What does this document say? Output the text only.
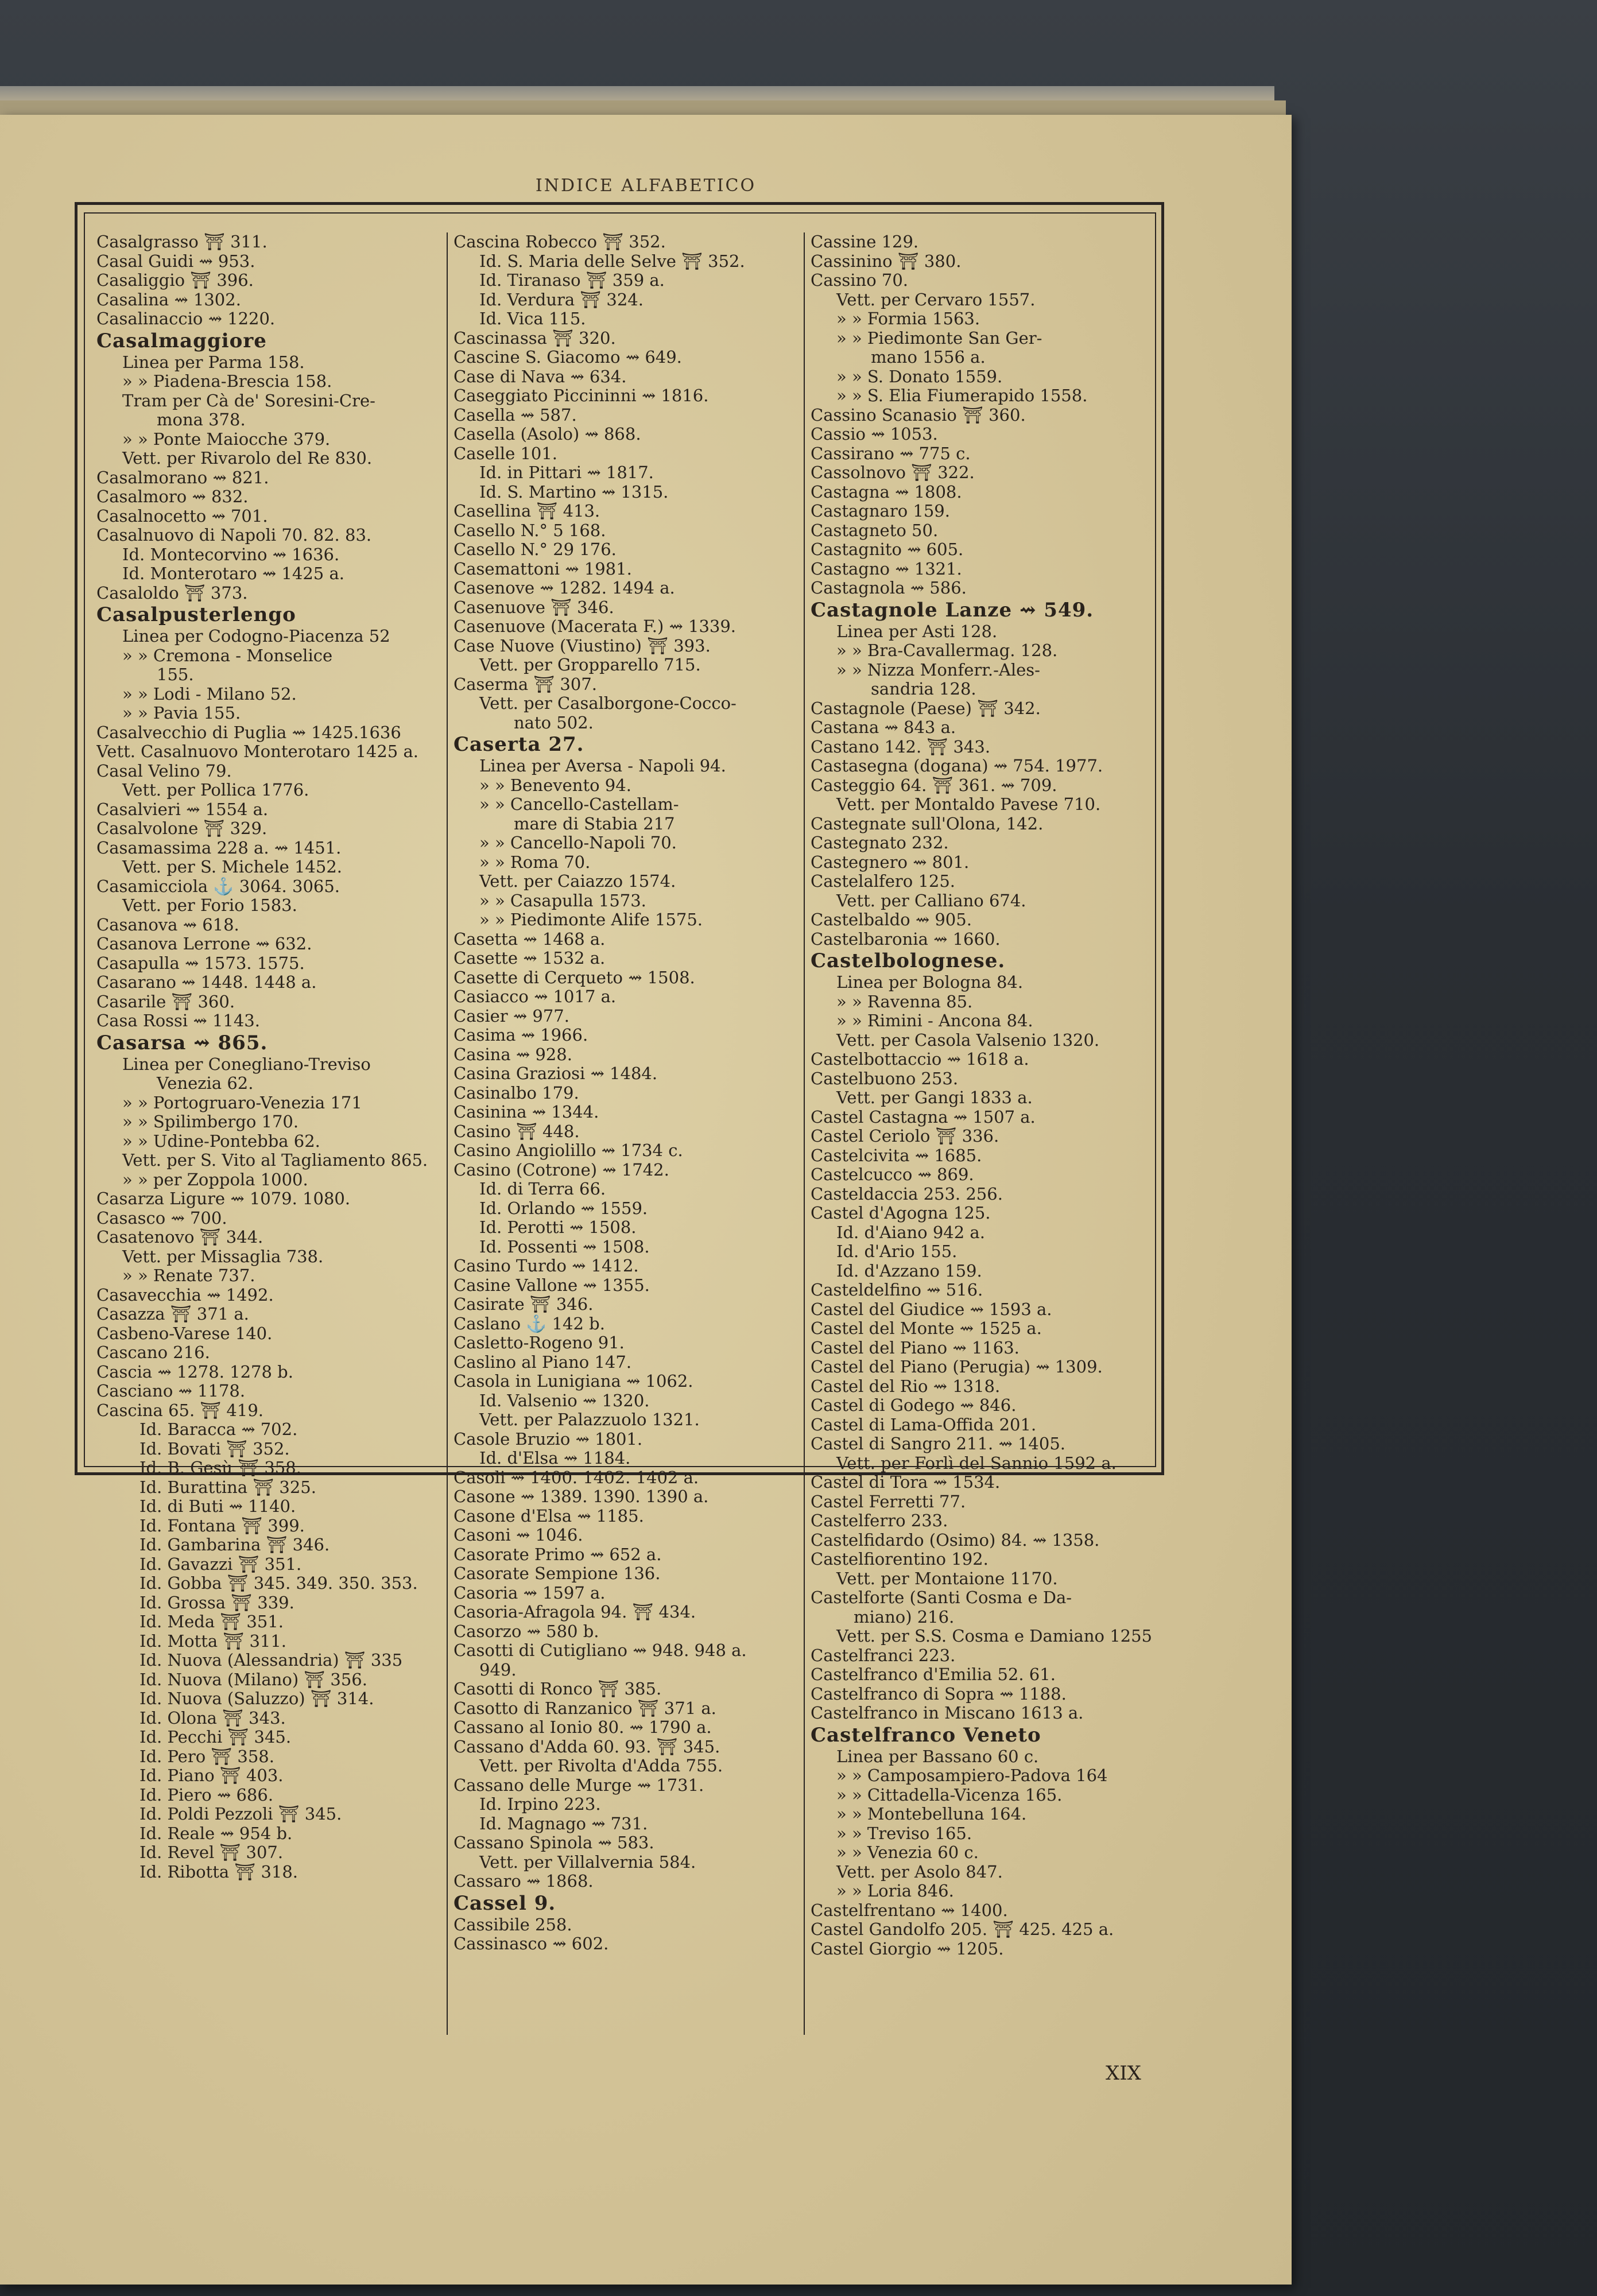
INDICE ALFABETICO
Casalgrasso ⛩ 311.
Casal Guidi ⇝ 953.
Casaliggio ⛩ 396.
Casalina ⇝ 1302.
Casalinaccio ⇝ 1220.
Casalmaggiore
Linea per Parma 158.
» » Piadena-Brescia 158.
Tram per Cà de' Soresini-Cre-
mona 378.
» » Ponte Maiocche 379.
Vett. per Rivarolo del Re 830.
Casalmorano ⇝ 821.
Casalmoro ⇝ 832.
Casalnocetto ⇝ 701.
Casalnuovo di Napoli 70. 82. 83.
Id. Montecorvino ⇝ 1636.
Id. Monterotaro ⇝ 1425 a.
Casaloldo ⛩ 373.
Casalpusterlengo
Linea per Codogno-Piacenza 52
» » Cremona - Monselice
155.
» » Lodi - Milano 52.
» » Pavia 155.
Casalvecchio di Puglia ⇝ 1425.1636
Vett. Casalnuovo Monterotaro 1425 a.
Casal Velino 79.
Vett. per Pollica 1776.
Casalvieri ⇝ 1554 a.
Casalvolone ⛩ 329.
Casamassima 228 a. ⇝ 1451.
Vett. per S. Michele 1452.
Casamicciola ⚓ 3064. 3065.
Vett. per Forio 1583.
Casanova ⇝ 618.
Casanova Lerrone ⇝ 632.
Casapulla ⇝ 1573. 1575.
Casarano ⇝ 1448. 1448 a.
Casarile ⛩ 360.
Casa Rossi ⇝ 1143.
Casarsa ⇝ 865.
Linea per Conegliano-Treviso
Venezia 62.
» » Portogruaro-Venezia 171
» » Spilimbergo 170.
» » Udine-Pontebba 62.
Vett. per S. Vito al Tagliamento 865.
» » per Zoppola 1000.
Casarza Ligure ⇝ 1079. 1080.
Casasco ⇝ 700.
Casatenovo ⛩ 344.
Vett. per Missaglia 738.
» » Renate 737.
Casavecchia ⇝ 1492.
Casazza ⛩ 371 a.
Casbeno-Varese 140.
Cascano 216.
Cascia ⇝ 1278. 1278 b.
Casciano ⇝ 1178.
Cascina 65. ⛩ 419.
Id. Baracca ⇝ 702.
Id. Bovati ⛩ 352.
Id. B. Gesù ⛩ 358.
Id. Burattina ⛩ 325.
Id. di Buti ⇝ 1140.
Id. Fontana ⛩ 399.
Id. Gambarina ⛩ 346.
Id. Gavazzi ⛩ 351.
Id. Gobba ⛩ 345. 349. 350. 353.
Id. Grossa ⛩ 339.
Id. Meda ⛩ 351.
Id. Motta ⛩ 311.
Id. Nuova (Alessandria) ⛩ 335
Id. Nuova (Milano) ⛩ 356.
Id. Nuova (Saluzzo) ⛩ 314.
Id. Olona ⛩ 343.
Id. Pecchi ⛩ 345.
Id. Pero ⛩ 358.
Id. Piano ⛩ 403.
Id. Piero ⇝ 686.
Id. Poldi Pezzoli ⛩ 345.
Id. Reale ⇝ 954 b.
Id. Revel ⛩ 307.
Id. Ribotta ⛩ 318.
Cascina Robecco ⛩ 352.
Id. S. Maria delle Selve ⛩ 352.
Id. Tiranaso ⛩ 359 a.
Id. Verdura ⛩ 324.
Id. Vica 115.
Cascinassa ⛩ 320.
Cascine S. Giacomo ⇝ 649.
Case di Nava ⇝ 634.
Caseggiato Piccininni ⇝ 1816.
Casella ⇝ 587.
Casella (Asolo) ⇝ 868.
Caselle 101.
Id. in Pittari ⇝ 1817.
Id. S. Martino ⇝ 1315.
Casellina ⛩ 413.
Casello N.° 5 168.
Casello N.° 29 176.
Casemattoni ⇝ 1981.
Casenove ⇝ 1282. 1494 a.
Casenuove ⛩ 346.
Casenuove (Macerata F.) ⇝ 1339.
Case Nuove (Viustino) ⛩ 393.
Vett. per Gropparello 715.
Caserma ⛩ 307.
Vett. per Casalborgone-Cocco-
nato 502.
Caserta 27.
Linea per Aversa - Napoli 94.
» » Benevento 94.
» » Cancello-Castellam-
mare di Stabia 217
» » Cancello-Napoli 70.
» » Roma 70.
Vett. per Caiazzo 1574.
» » Casapulla 1573.
» » Piedimonte Alife 1575.
Casetta ⇝ 1468 a.
Casette ⇝ 1532 a.
Casette di Cerqueto ⇝ 1508.
Casiacco ⇝ 1017 a.
Casier ⇝ 977.
Casima ⇝ 1966.
Casina ⇝ 928.
Casina Graziosi ⇝ 1484.
Casinalbo 179.
Casinina ⇝ 1344.
Casino ⛩ 448.
Casino Angiolillo ⇝ 1734 c.
Casino (Cotrone) ⇝ 1742.
Id. di Terra 66.
Id. Orlando ⇝ 1559.
Id. Perotti ⇝ 1508.
Id. Possenti ⇝ 1508.
Casino Turdo ⇝ 1412.
Casine Vallone ⇝ 1355.
Casirate ⛩ 346.
Caslano ⚓ 142 b.
Casletto-Rogeno 91.
Caslino al Piano 147.
Casola in Lunigiana ⇝ 1062.
Id. Valsenio ⇝ 1320.
Vett. per Palazzuolo 1321.
Casole Bruzio ⇝ 1801.
Id. d'Elsa ⇝ 1184.
Casoli ⇝ 1400. 1402. 1402 a.
Casone ⇝ 1389. 1390. 1390 a.
Casone d'Elsa ⇝ 1185.
Casoni ⇝ 1046.
Casorate Primo ⇝ 652 a.
Casorate Sempione 136.
Casoria ⇝ 1597 a.
Casoria-Afragola 94. ⛩ 434.
Casorzo ⇝ 580 b.
Casotti di Cutigliano ⇝ 948. 948 a.
949.
Casotti di Ronco ⛩ 385.
Casotto di Ranzanico ⛩ 371 a.
Cassano al Ionio 80. ⇝ 1790 a.
Cassano d'Adda 60. 93. ⛩ 345.
Vett. per Rivolta d'Adda 755.
Cassano delle Murge ⇝ 1731.
Id. Irpino 223.
Id. Magnago ⇝ 731.
Cassano Spinola ⇝ 583.
Vett. per Villalvernia 584.
Cassaro ⇝ 1868.
Cassel 9.
Cassibile 258.
Cassinasco ⇝ 602.
Cassine 129.
Cassinino ⛩ 380.
Cassino 70.
Vett. per Cervaro 1557.
» » Formia 1563.
» » Piedimonte San Ger-
mano 1556 a.
» » S. Donato 1559.
» » S. Elia Fiumerapido 1558.
Cassino Scanasio ⛩ 360.
Cassio ⇝ 1053.
Cassirano ⇝ 775 c.
Cassolnovo ⛩ 322.
Castagna ⇝ 1808.
Castagnaro 159.
Castagneto 50.
Castagnito ⇝ 605.
Castagno ⇝ 1321.
Castagnola ⇝ 586.
Castagnole Lanze ⇝ 549.
Linea per Asti 128.
» » Bra-Cavallermag. 128.
» » Nizza Monferr.-Ales-
sandria 128.
Castagnole (Paese) ⛩ 342.
Castana ⇝ 843 a.
Castano 142. ⛩ 343.
Castasegna (dogana) ⇝ 754. 1977.
Casteggio 64. ⛩ 361. ⇝ 709.
Vett. per Montaldo Pavese 710.
Castegnate sull'Olona, 142.
Castegnato 232.
Castegnero ⇝ 801.
Castelalfero 125.
Vett. per Calliano 674.
Castelbaldo ⇝ 905.
Castelbaronia ⇝ 1660.
Castelbolognese.
Linea per Bologna 84.
» » Ravenna 85.
» » Rimini - Ancona 84.
Vett. per Casola Valsenio 1320.
Castelbottaccio ⇝ 1618 a.
Castelbuono 253.
Vett. per Gangi 1833 a.
Castel Castagna ⇝ 1507 a.
Castel Ceriolo ⛩ 336.
Castelcivita ⇝ 1685.
Castelcucco ⇝ 869.
Casteldaccia 253. 256.
Castel d'Agogna 125.
Id. d'Aiano 942 a.
Id. d'Ario 155.
Id. d'Azzano 159.
Casteldelfino ⇝ 516.
Castel del Giudice ⇝ 1593 a.
Castel del Monte ⇝ 1525 a.
Castel del Piano ⇝ 1163.
Castel del Piano (Perugia) ⇝ 1309.
Castel del Rio ⇝ 1318.
Castel di Godego ⇝ 846.
Castel di Lama-Offida 201.
Castel di Sangro 211. ⇝ 1405.
Vett. per Forlì del Sannio 1592 a.
Castel di Tora ⇝ 1534.
Castel Ferretti 77.
Castelferro 233.
Castelfidardo (Osimo) 84. ⇝ 1358.
Castelfiorentino 192.
Vett. per Montaione 1170.
Castelforte (Santi Cosma e Da-
miano) 216.
Vett. per S.S. Cosma e Damiano 1255
Castelfranci 223.
Castelfranco d'Emilia 52. 61.
Castelfranco di Sopra ⇝ 1188.
Castelfranco in Miscano 1613 a.
Castelfranco Veneto
Linea per Bassano 60 c.
» » Camposampiero-Padova 164
» » Cittadella-Vicenza 165.
» » Montebelluna 164.
» » Treviso 165.
» » Venezia 60 c.
Vett. per Asolo 847.
» » Loria 846.
Castelfrentano ⇝ 1400.
Castel Gandolfo 205. ⛩ 425. 425 a.
Castel Giorgio ⇝ 1205.
XIX
